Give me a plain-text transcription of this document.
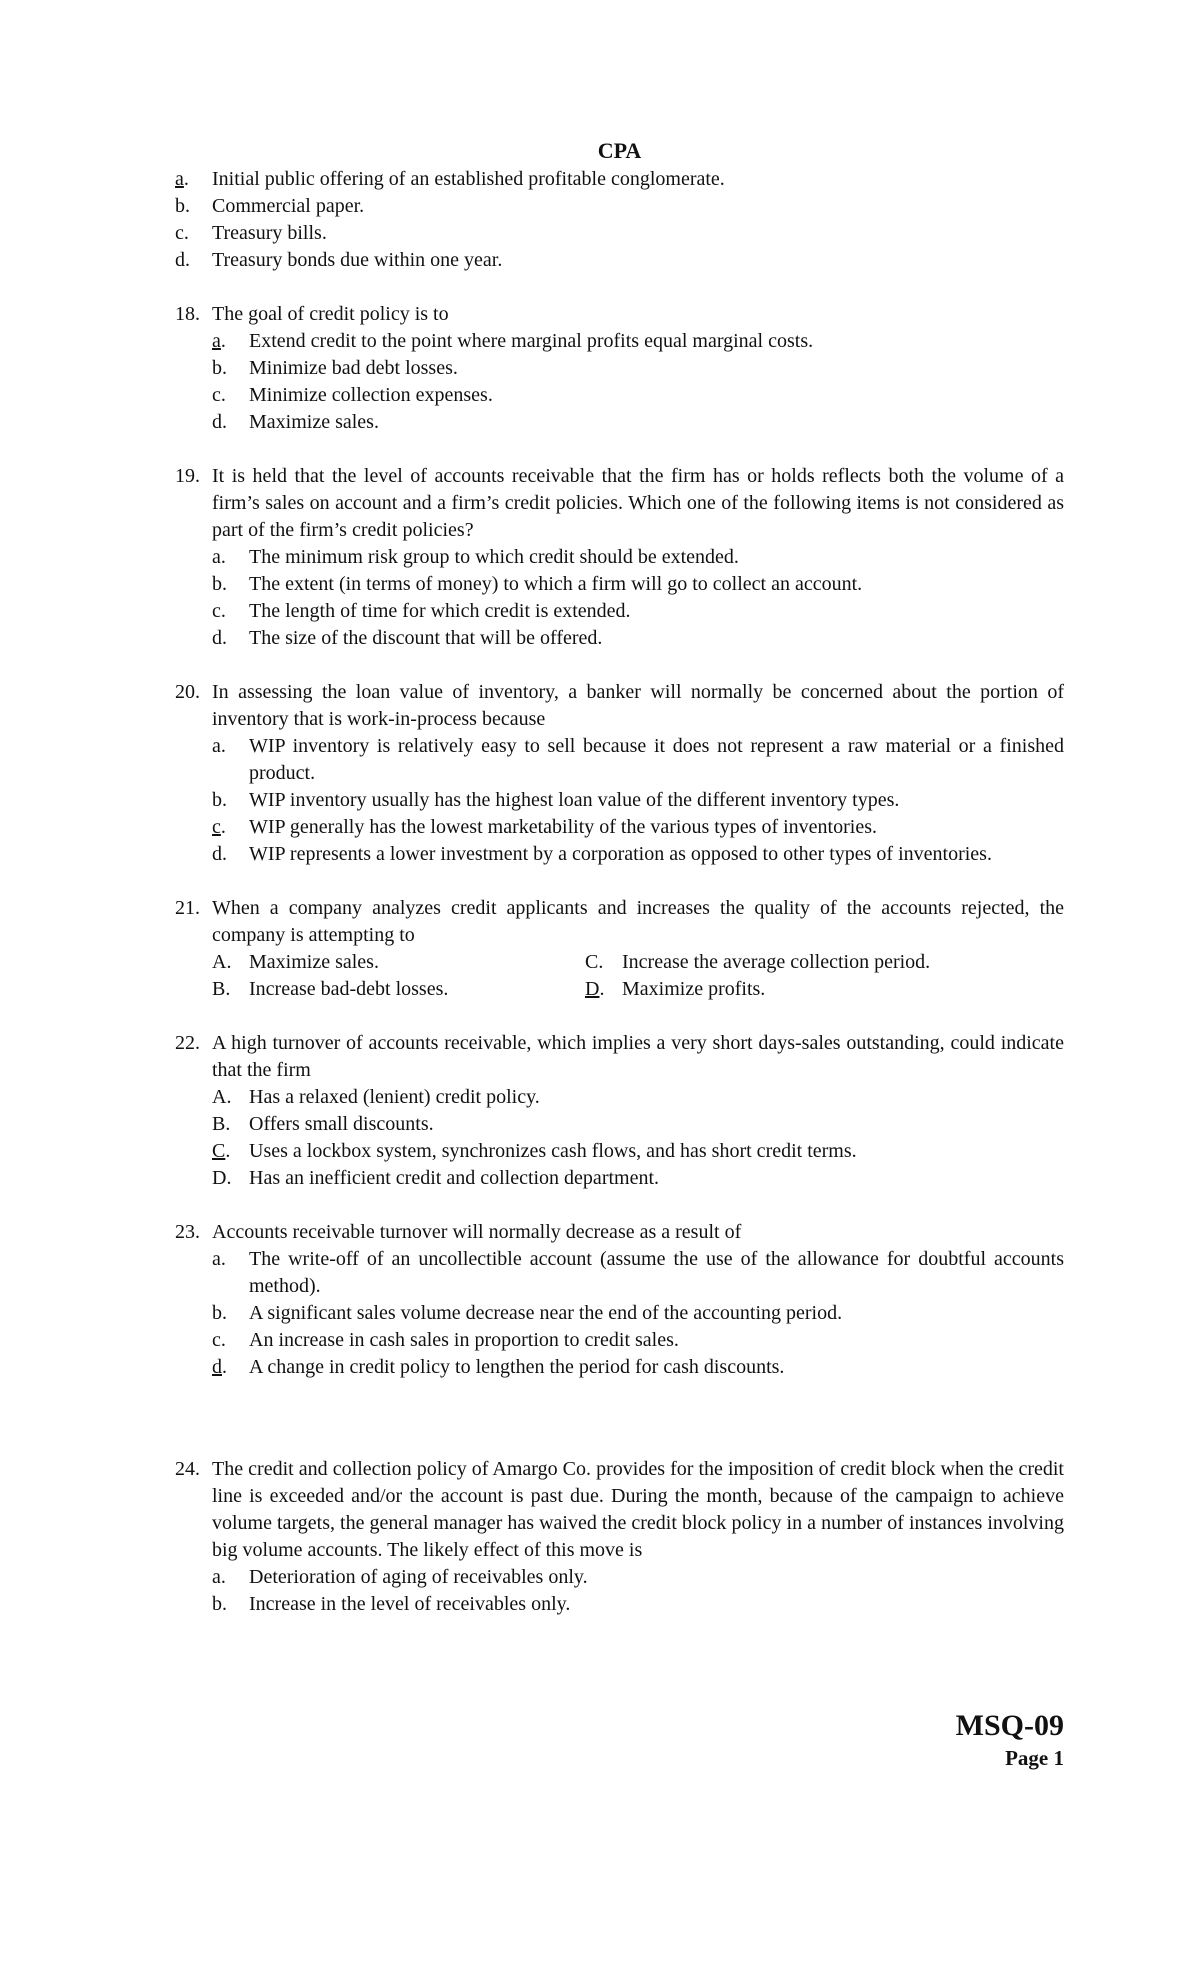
CPA
a.	Initial public offering of an established profitable conglomerate.
b.	Commercial paper.
c.	Treasury bills.
d.	Treasury bonds due within one year.
18. The goal of credit policy is to
a.	Extend credit to the point where marginal profits equal marginal costs.
b.	Minimize bad debt losses.
c.	Minimize collection expenses.
d.	Maximize sales.
19. It is held that the level of accounts receivable that the firm has or holds reflects both the volume of a firm’s sales on account and a firm’s credit policies. Which one of the following items is not considered as part of the firm’s credit policies?
a.	The minimum risk group to which credit should be extended.
b.	The extent (in terms of money) to which a firm will go to collect an account.
c.	The length of time for which credit is extended.
d.	The size of the discount that will be offered.
20. In assessing the loan value of inventory, a banker will normally be concerned about the portion of inventory that is work-in-process because
a.	WIP inventory is relatively easy to sell because it does not represent a raw material or a finished product.
b.	WIP inventory usually has the highest loan value of the different inventory types.
c.	WIP generally has the lowest marketability of the various types of inventories.
d.	WIP represents a lower investment by a corporation as opposed to other types of inventories.
21. When a company analyzes credit applicants and increases the quality of the accounts rejected, the company is attempting to
A. Maximize sales.	C. Increase the average collection period.
B. Increase bad-debt losses.	D. Maximize profits.
22. A high turnover of accounts receivable, which implies a very short days-sales outstanding, could indicate that the firm
A. Has a relaxed (lenient) credit policy.
B. Offers small discounts.
C. Uses a lockbox system, synchronizes cash flows, and has short credit terms.
D. Has an inefficient credit and collection department.
23. Accounts receivable turnover will normally decrease as a result of
a.	The write-off of an uncollectible account (assume the use of the allowance for doubtful accounts method).
b.	A significant sales volume decrease near the end of the accounting period.
c.	An increase in cash sales in proportion to credit sales.
d.	A change in credit policy to lengthen the period for cash discounts.
24. The credit and collection policy of Amargo Co. provides for the imposition of credit block when the credit line is exceeded and/or the account is past due. During the month, because of the campaign to achieve volume targets, the general manager has waived the credit block policy in a number of instances involving big volume accounts. The likely effect of this move is
a.	Deterioration of aging of receivables only.
b.	Increase in the level of receivables only.
MSQ-09
Page 1
